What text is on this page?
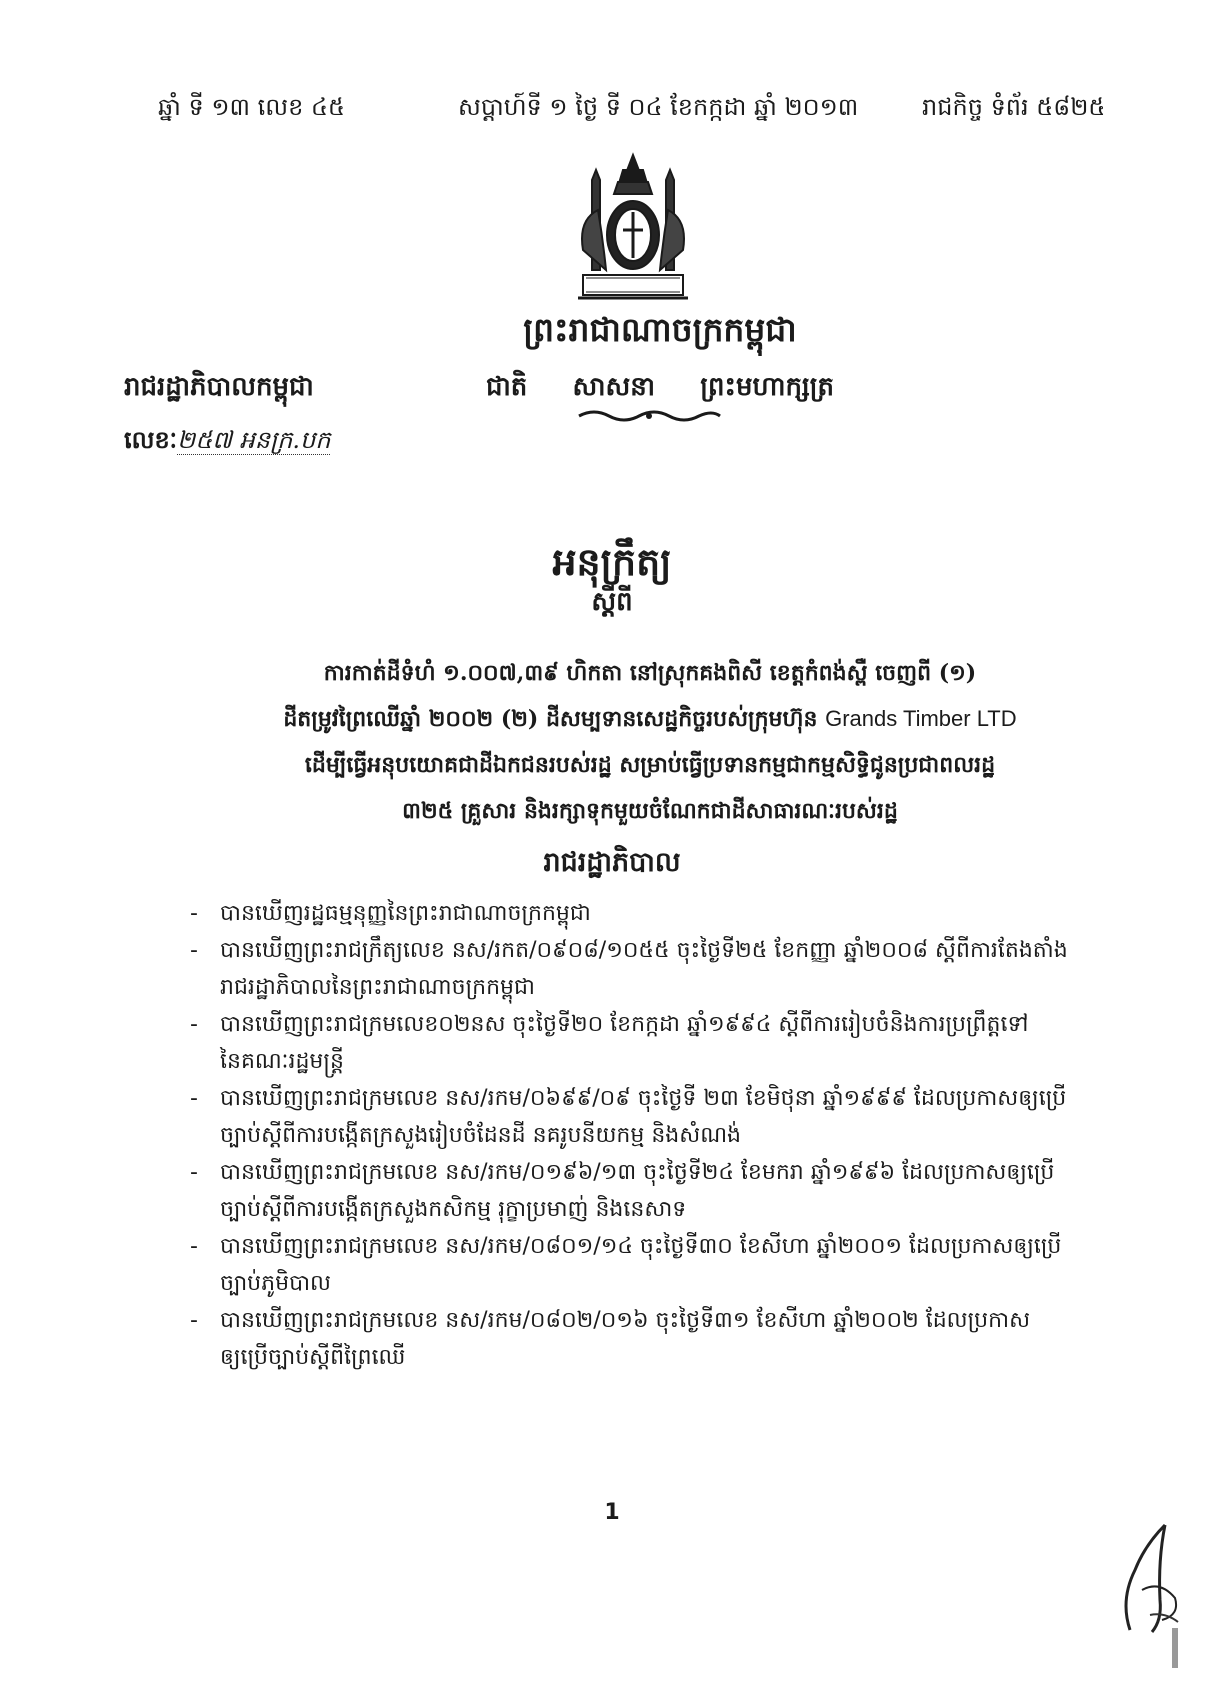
ឆ្នាំ ទី ១៣ លេខ ៤៥	សប្តាហ៍ទី ១ ថ្ងៃ ទី ០៤ ខែកក្កដា ឆ្នាំ ២០១៣	រាជកិច្ច ទំព័រ ៥៨២៥
ព្រះរាជាណាចក្រកម្ពុជា
ជាតិ សាសនា ព្រះមហាក្សត្រ
រាជរដ្ឋាភិបាលកម្ពុជា
លេខៈ២៥៧ អនក្រ.បក
អនុក្រឹត្យ
ស្តីពី
ការកាត់ដីទំហំ ១.០០៧,៣៩ ហិកតា នៅស្រុកគងពិសី ខេត្តកំពង់ស្ពឺ ចេញពី (១)
ដីតម្រូវព្រៃឈើឆ្នាំ ២០០២ (២) ដីសម្បទានសេដ្ឋកិច្ចរបស់ក្រុមហ៊ុន Grands Timber LTD
ដើម្បីធ្វើអនុបយោគជាដីឯកជនរបស់រដ្ឋ សម្រាប់ធ្វើប្រទានកម្មជាកម្មសិទ្ធិជូនប្រជាពលរដ្ឋ
៣២៥ គ្រួសារ និងរក្សាទុកមួយចំណែកជាដីសាធារណៈរបស់រដ្ឋ
រាជរដ្ឋាភិបាល
- បានឃើញរដ្ឋធម្មនុញ្ញនៃព្រះរាជាណាចក្រកម្ពុជា
- បានឃើញព្រះរាជក្រឹត្យលេខ នស/រកត/០៩០៨/១០៥៥ ចុះថ្ងៃទី២៥ ខែកញ្ញា ឆ្នាំ២០០៨ ស្តីពីការតែងតាំង
រាជរដ្ឋាភិបាលនៃព្រះរាជាណាចក្រកម្ពុជា
- បានឃើញព្រះរាជក្រមលេខ០២នស ចុះថ្ងៃទី២០ ខែកក្កដា ឆ្នាំ១៩៩៤ ស្តីពីការរៀបចំនិងការប្រព្រឹត្តទៅ
នៃគណៈរដ្ឋមន្ត្រី
- បានឃើញព្រះរាជក្រមលេខ នស/រកម/០៦៩៩/០៩ ចុះថ្ងៃទី ២៣ ខែមិថុនា ឆ្នាំ១៩៩៩ ដែលប្រកាសឲ្យប្រើ
ច្បាប់ស្តីពីការបង្កើតក្រសួងរៀបចំដែនដី នគរូបនីយកម្ម និងសំណង់
- បានឃើញព្រះរាជក្រមលេខ នស/រកម/០១៩៦/១៣ ចុះថ្ងៃទី២៤ ខែមករា ឆ្នាំ១៩៩៦ ដែលប្រកាសឲ្យប្រើ
ច្បាប់ស្តីពីការបង្កើតក្រសួងកសិកម្ម រុក្ខាប្រមាញ់ និងនេសាទ
- បានឃើញព្រះរាជក្រមលេខ នស/រកម/០៨០១/១៤ ចុះថ្ងៃទី៣០ ខែសីហា ឆ្នាំ២០០១ ដែលប្រកាសឲ្យប្រើ
ច្បាប់ភូមិបាល
- បានឃើញព្រះរាជក្រមលេខ នស/រកម/០៨០២/០១៦ ចុះថ្ងៃទី៣១ ខែសីហា ឆ្នាំ២០០២ ដែលប្រកាស
ឲ្យប្រើច្បាប់ស្តីពីព្រៃឈើ
1
